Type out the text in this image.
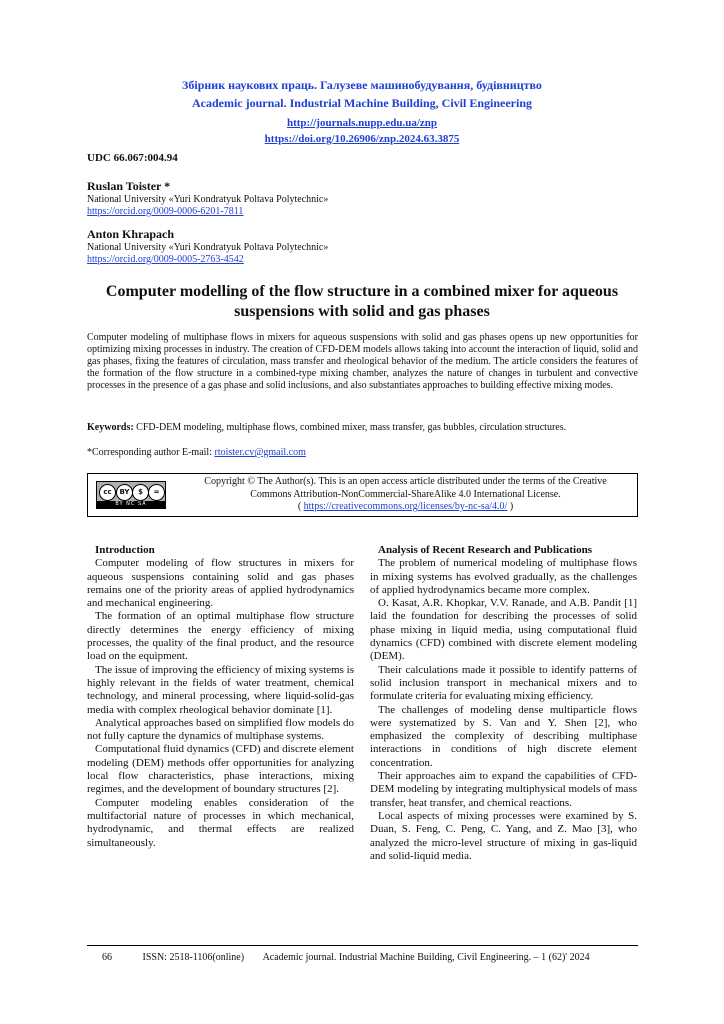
Збірник наукових праць. Галузеве машинобудування, будівництво
Academic journal. Industrial Machine Building, Civil Engineering
http://journals.nupp.edu.ua/znp
https://doi.org/10.26906/znp.2024.63.3875
UDC 66.067:004.94
Ruslan Toister *
National University «Yuri Kondratyuk Poltava Polytechnic»
https://orcid.org/0009-0006-6201-7811
Anton Khrapach
National University «Yuri Kondratyuk Poltava Polytechnic»
https://orcid.org/0009-0005-2763-4542
Computer modelling of the flow structure in a combined mixer for aqueous suspensions with solid and gas phases
Computer modeling of multiphase flows in mixers for aqueous suspensions with solid and gas phases opens up new opportunities for optimizing mixing processes in industry. The creation of CFD-DEM models allows taking into account the interaction of liquid, solid and gas phases, fixing the features of circulation, mass transfer and rheological behavior of the medium. The article considers the features of the formation of the flow structure in a combined-type mixing chamber, analyzes the nature of changes in turbulent and convective processes in the presence of a gas phase and solid inclusions, and also substantiates approaches to building effective mixing modes.
Keywords: CFD-DEM modeling, multiphase flows, combined mixer, mass transfer, gas bubbles, circulation structures.
*Corresponding author E-mail: rtoister.cv@gmail.com
cc	BY	$	=
BY NC SA
Copyright © The Author(s). This is an open access article distributed under the terms of the Creative
Commons Attribution-NonCommercial-ShareAlike 4.0 International License.
( https://creativecommons.org/licenses/by-nc-sa/4.0/ )
Introduction

Computer modeling of flow structures in mixers for aqueous suspensions containing solid and gas phases remains one of the priority areas of applied hydrodynamics and mechanical engineering.

The formation of an optimal multiphase flow structure directly determines the energy efficiency of mixing processes, the quality of the final product, and the resource load on the equipment.

The issue of improving the efficiency of mixing systems is highly relevant in the fields of water treatment, chemical technology, and mineral processing, where liquid-solid-gas media with complex rheological behavior dominate [1].

Analytical approaches based on simplified flow models do not fully capture the dynamics of multiphase systems.

Computational fluid dynamics (CFD) and discrete element modeling (DEM) methods offer opportunities for analyzing local flow characteristics, phase interactions, mixing regimes, and the development of boundary structures [2].

Computer modeling enables consideration of the multifactorial nature of processes in which mechanical, hydrodynamic, and thermal effects are realized simultaneously.

Analysis of Recent Research and Publications

The problem of numerical modeling of multiphase flows in mixing systems has evolved gradually, as the challenges of applied hydrodynamics became more complex.

O. Kasat, A.R. Khopkar, V.V. Ranade, and A.B. Pandit [1] laid the foundation for describing the processes of solid phase mixing in liquid media, using computational fluid dynamics (CFD) combined with discrete element modeling (DEM).

Their calculations made it possible to identify patterns of solid inclusion transport in mechanical mixers and to formulate criteria for evaluating mixing efficiency.

The challenges of modeling dense multiparticle flows were systematized by S. Van and Y. Shen [2], who emphasized the complexity of describing multiphase interactions in conditions of high discrete element concentration.

Their approaches aim to expand the capabilities of CFD-DEM modeling by integrating multiphysical models of mass transfer, heat transfer, and chemical reactions.

Local aspects of mixing processes were examined by S. Duan, S. Feng, C. Peng, C. Yang, and Z. Mao [3], who analyzed the micro-level structure of mixing in gas-liquid and solid-liquid media.

66	ISSN: 2518-1106(online) Academic journal. Industrial Machine Building, Civil Engineering. – 1 (62)' 2024
